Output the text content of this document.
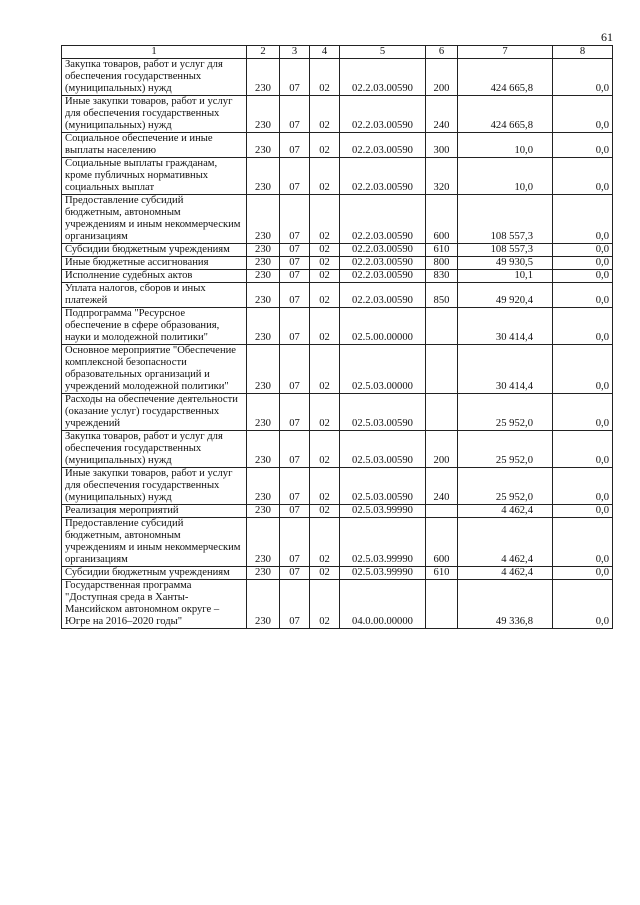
61
1	2	3	4	5	6	7	8
Закупка товаров, работ и услуг для обеспечения государственных (муниципальных) нужд	230	07	02	02.2.03.00590	200	424 665,8	0,0
Иные закупки товаров, работ и услуг для обеспечения государственных (муниципальных) нужд	230	07	02	02.2.03.00590	240	424 665,8	0,0
Социальное обеспечение и иные выплаты населению	230	07	02	02.2.03.00590	300	10,0	0,0
Социальные выплаты гражданам, кроме публичных нормативных социальных выплат	230	07	02	02.2.03.00590	320	10,0	0,0
Предоставление субсидий бюджетным, автономным учреждениям и иным некоммерческим организациям	230	07	02	02.2.03.00590	600	108 557,3	0,0
Субсидии бюджетным учреждениям	230	07	02	02.2.03.00590	610	108 557,3	0,0
Иные бюджетные ассигнования	230	07	02	02.2.03.00590	800	49 930,5	0,0
Исполнение судебных актов	230	07	02	02.2.03.00590	830	10,1	0,0
Уплата налогов, сборов и иных платежей	230	07	02	02.2.03.00590	850	49 920,4	0,0
Подпрограмма "Ресурсное обеспечение в сфере образования, науки и молодежной политики"	230	07	02	02.5.00.00000		30 414,4	0,0
Основное мероприятие "Обеспечение комплексной безопасности образовательных организаций и учреждений молодежной политики"	230	07	02	02.5.03.00000		30 414,4	0,0
Расходы на обеспечение деятельности (оказание услуг) государственных учреждений	230	07	02	02.5.03.00590		25 952,0	0,0
Закупка товаров, работ и услуг для обеспечения государственных (муниципальных) нужд	230	07	02	02.5.03.00590	200	25 952,0	0,0
Иные закупки товаров, работ и услуг для обеспечения государственных (муниципальных) нужд	230	07	02	02.5.03.00590	240	25 952,0	0,0
Реализация мероприятий	230	07	02	02.5.03.99990		4 462,4	0,0
Предоставление субсидий бюджетным, автономным учреждениям и иным некоммерческим организациям	230	07	02	02.5.03.99990	600	4 462,4	0,0
Субсидии бюджетным учреждениям	230	07	02	02.5.03.99990	610	4 462,4	0,0
Государственная программа "Доступная среда в Ханты-Мансийском автономном округе – Югре на 2016–2020 годы"	230	07	02	04.0.00.00000		49 336,8	0,0
